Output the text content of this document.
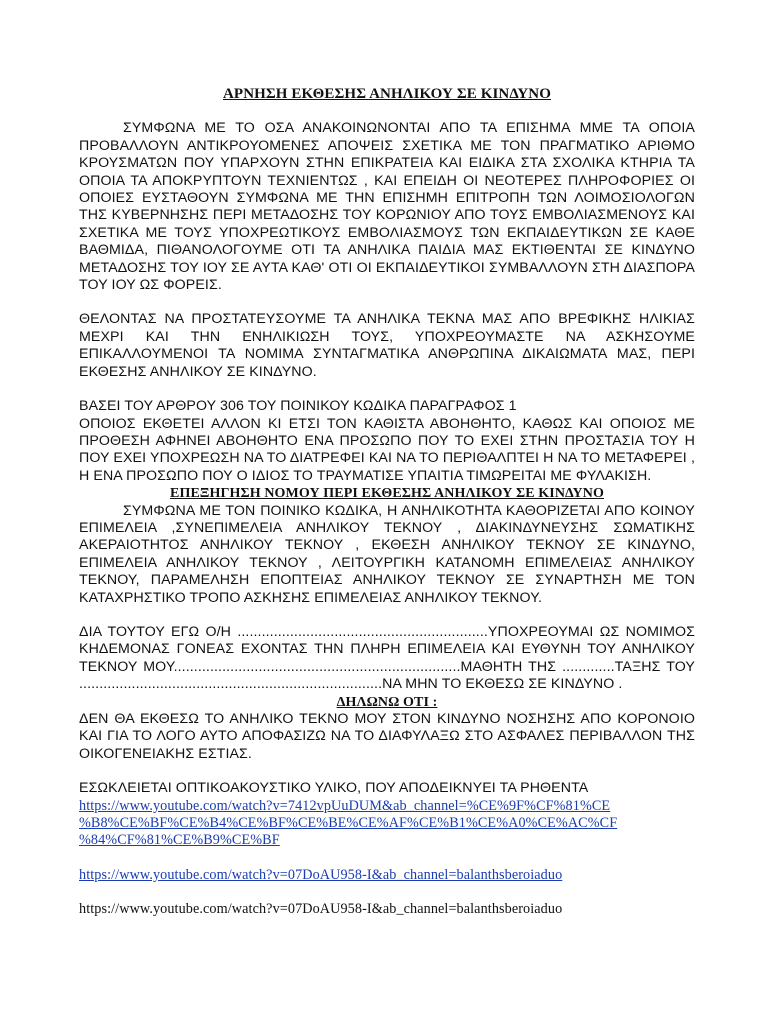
ΑΡΝΗΣΗ ΕΚΘΕΣΗΣ ΑΝΗΛΙΚΟΥ ΣΕ ΚΙΝΔΥΝΟ

ΣΥΜΦΩΝΑ ΜΕ ΤΟ ΟΣΑ ΑΝΑΚΟΙΝΩΝΟΝΤΑΙ ΑΠΟ ΤΑ ΕΠΙΣΗΜΑ ΜΜΕ ΤΑ ΟΠΟΙΑ ΠΡΟΒΑΛΛΟΥΝ ΑΝΤΙΚΡΟΥΟΜΕΝΕΣ ΑΠΟΨΕΙΣ ΣΧΕΤΙΚΑ ΜΕ ΤΟΝ ΠΡΑΓΜΑΤΙΚΟ ΑΡΙΘΜΟ ΚΡΟΥΣΜΑΤΩΝ ΠΟΥ ΥΠΑΡΧΟΥΝ ΣΤΗΝ ΕΠΙΚΡΑΤΕΙΑ ΚΑΙ ΕΙΔΙΚΑ ΣΤΑ ΣΧΟΛΙΚΑ ΚΤΗΡΙΑ ΤΑ ΟΠΟΙΑ ΤΑ ΑΠΟΚΡΥΠΤΟΥΝ ΤΕΧΝΙΕΝΤΩΣ , ΚΑΙ ΕΠΕΙΔΗ ΟΙ ΝΕΟΤΕΡΕΣ ΠΛΗΡΟΦΟΡΙΕΣ ΟΙ ΟΠΟΙΕΣ ΕΥΣΤΑΘΟΥΝ ΣΥΜΦΩΝΑ ΜΕ ΤΗΝ ΕΠΙΣΗΜΗ ΕΠΙΤΡΟΠΗ ΤΩΝ ΛΟΙΜΟΣΙΟΛΟΓΩΝ ΤΗΣ ΚΥΒΕΡΝΗΣΗΣ ΠΕΡΙ ΜΕΤΑΔΟΣΗΣ ΤΟΥ ΚΟΡΩΝΙΟΥ ΑΠΟ ΤΟΥΣ ΕΜΒΟΛΙΑΣΜΕΝΟΥΣ ΚΑΙ ΣΧΕΤΙΚΑ ΜΕ ΤΟΥΣ ΥΠΟΧΡΕΩΤΙΚΟΥΣ ΕΜΒΟΛΙΑΣΜΟΥΣ ΤΩΝ ΕΚΠΑΙΔΕΥΤΙΚΩΝ ΣΕ ΚΑΘΕ ΒΑΘΜΙΔΑ, ΠΙΘΑΝΟΛΟΓΟΥΜΕ ΟΤΙ ΤΑ ΑΝΗΛΙΚΑ ΠΑΙΔΙΑ ΜΑΣ ΕΚΤΙΘΕΝΤΑΙ ΣΕ ΚΙΝΔΥΝΟ ΜΕΤΑΔΟΣΗΣ ΤΟΥ ΙΟΥ ΣΕ ΑΥΤΑ ΚΑΘ' ΟΤΙ ΟΙ ΕΚΠΑΙΔΕΥΤΙΚΟΙ ΣΥΜΒΑΛΛΟΥΝ ΣΤΗ ΔΙΑΣΠΟΡΑ ΤΟΥ ΙΟΥ ΩΣ ΦΟΡΕΙΣ.

ΘΕΛΟΝΤΑΣ ΝΑ ΠΡΟΣΤΑΤΕΥΣΟΥΜΕ ΤΑ ΑΝΗΛΙΚΑ ΤΕΚΝΑ ΜΑΣ ΑΠΟ ΒΡΕΦΙΚΗΣ ΗΛΙΚΙΑΣ ΜΕΧΡΙ ΚΑΙ ΤΗΝ ΕΝΗΛΙΚΙΩΣΗ ΤΟΥΣ, ΥΠΟΧΡΕΟΥΜΑΣΤΕ ΝΑ ΑΣΚΗΣΟΥΜΕ ΕΠΙΚΑΛΛΟΥΜΕΝΟΙ ΤΑ ΝΟΜΙΜΑ ΣΥΝΤΑΓΜΑΤΙΚΑ ΑΝΘΡΩΠΙΝΑ ΔΙΚΑΙΩΜΑΤΑ ΜΑΣ, ΠΕΡΙ ΕΚΘΕΣΗΣ ΑΝΗΛΙΚΟΥ ΣΕ ΚΙΝΔΥΝΟ.

ΒΑΣΕΙ ΤΟΥ ΑΡΘΡΟΥ 306 ΤΟΥ ΠΟΙΝΙΚΟΥ ΚΩΔΙΚΑ ΠΑΡΑΓΡΑΦΟΣ 1

ΟΠΟΙΟΣ ΕΚΘΕΤΕΙ ΑΛΛΟΝ ΚΙ ΕΤΣΙ ΤΟΝ ΚΑΘΙΣΤΑ ΑΒΟΗΘΗΤΟ, ΚΑΘΩΣ ΚΑΙ ΟΠΟΙΟΣ ΜΕ ΠΡΟΘΕΣΗ ΑΦΗΝΕΙ ΑΒΟΗΘΗΤΟ ΕΝΑ ΠΡΟΣΩΠΟ ΠΟΥ ΤΟ ΕΧΕΙ ΣΤΗΝ ΠΡΟΣΤΑΣΙΑ ΤΟΥ Η ΠΟΥ ΕΧΕΙ ΥΠΟΧΡΕΩΣΗ ΝΑ ΤΟ ΔΙΑΤΡΕΦΕΙ ΚΑΙ ΝΑ ΤΟ ΠΕΡΙΘΑΛΠΤΕΙ Η ΝΑ ΤΟ ΜΕΤΑΦΕΡΕΙ , Η ΕΝΑ ΠΡΟΣΩΠΟ ΠΟΥ Ο ΙΔΙΟΣ ΤΟ ΤΡΑΥΜΑΤΙΣΕ ΥΠΑΙΤΙΑ ΤΙΜΩΡΕΙΤΑΙ ΜΕ ΦΥΛΑΚΙΣΗ.

ΕΠΕΞΗΓΗΣΗ ΝΟΜΟΥ ΠΕΡΙ ΕΚΘΕΣΗΣ ΑΝΗΛΙΚΟΥ ΣΕ ΚΙΝΔΥΝΟ

ΣΥΜΦΩΝΑ ΜΕ ΤΟΝ ΠΟΙΝΙΚΟ ΚΩΔΙΚΑ, Η ΑΝΗΛΙΚΟΤΗΤΑ ΚΑΘΟΡΙΖΕΤΑΙ ΑΠΟ ΚΟΙΝΟΥ ΕΠΙΜΕΛΕΙΑ ,ΣΥΝΕΠΙΜΕΛΕΙΑ ΑΝΗΛΙΚΟΥ ΤΕΚΝΟΥ , ΔΙΑΚΙΝΔΥΝΕΥΣΗΣ ΣΩΜΑΤΙΚΗΣ ΑΚΕΡΑΙΟΤΗΤΟΣ ΑΝΗΛΙΚΟΥ ΤΕΚΝΟΥ , ΕΚΘΕΣΗ ΑΝΗΛΙΚΟΥ ΤΕΚΝΟΥ ΣΕ ΚΙΝΔΥΝΟ, ΕΠΙΜΕΛΕΙΑ ΑΝΗΛΙΚΟΥ ΤΕΚΝΟΥ , ΛΕΙΤΟΥΡΓΙΚΗ ΚΑΤΑΝΟΜΗ ΕΠΙΜΕΛΕΙΑΣ ΑΝΗΛΙΚΟΥ ΤΕΚΝΟΥ, ΠΑΡΑΜΕΛΗΣΗ ΕΠΟΠΤΕΙΑΣ ΑΝΗΛΙΚΟΥ ΤΕΚΝΟΥ ΣΕ ΣΥΝΑΡΤΗΣΗ ΜΕ ΤΟΝ ΚΑΤΑΧΡΗΣΤΙΚΟ ΤΡΟΠΟ ΑΣΚΗΣΗΣ ΕΠΙΜΕΛΕΙΑΣ ΑΝΗΛΙΚΟΥ ΤΕΚΝΟΥ.

ΔΙΑ ΤΟΥΤΟΥ ΕΓΩ Ο/Η ..............................................................ΥΠΟΧΡΕΟΥΜΑΙ ΩΣ ΝΟΜΙΜΟΣ ΚΗΔΕΜΟΝΑΣ ΓΟΝΕΑΣ ΕΧΟΝΤΑΣ ΤΗΝ ΠΛΗΡΗ ΕΠΙΜΕΛΕΙΑ ΚΑΙ ΕΥΘΥΝΗ ΤΟΥ ΑΝΗΛΙΚΟΥ ΤΕΚΝΟΥ ΜΟΥ.......................................................................ΜΑΘΗΤΗ ΤΗΣ .............ΤΑΞΗΣ ΤΟΥ ...........................................................................ΝΑ ΜΗΝ ΤΟ ΕΚΘΕΣΩ ΣΕ ΚΙΝΔΥΝΟ .

ΔΗΛΩΝΩ ΟΤΙ :

ΔΕΝ ΘΑ ΕΚΘΕΣΩ ΤΟ ΑΝΗΛΙΚΟ ΤΕΚΝΟ ΜΟΥ ΣΤΟΝ ΚΙΝΔΥΝΟ ΝΟΣΗΣΗΣ ΑΠΟ ΚΟΡΟΝΟΙΟ ΚΑΙ ΓΙΑ ΤΟ ΛΟΓΟ ΑΥΤΟ ΑΠΟΦΑΣΙΖΩ ΝΑ ΤΟ ΔΙΑΦΥΛΑΞΩ ΣΤΟ ΑΣΦΑΛΕΣ ΠΕΡΙΒΑΛΛΟΝ ΤΗΣ ΟΙΚΟΓΕΝΕΙΑΚΗΣ ΕΣΤΙΑΣ.

ΕΣΩΚΛΕΙΕΤΑΙ ΟΠΤΙΚΟΑΚΟΥΣΤΙΚΟ ΥΛΙΚΟ, ΠΟΥ ΑΠΟΔΕΙΚΝΥΕΙ ΤΑ ΡΗΘΕΝΤΑ

https://www.youtube.com/watch?v=7412vpUuDUM&ab_channel=%CE%9F%CF%81%CE
%B8%CE%BF%CE%B4%CE%BF%CE%BE%CE%AF%CE%B1%CE%A0%CE%AC%CF
%84%CF%81%CE%B9%CE%BF

https://www.youtube.com/watch?v=07DoAU958-I&ab_channel=balanthsberoiaduo

https://www.youtube.com/watch?v=07DoAU958-I&ab_channel=balanthsberoiaduo
